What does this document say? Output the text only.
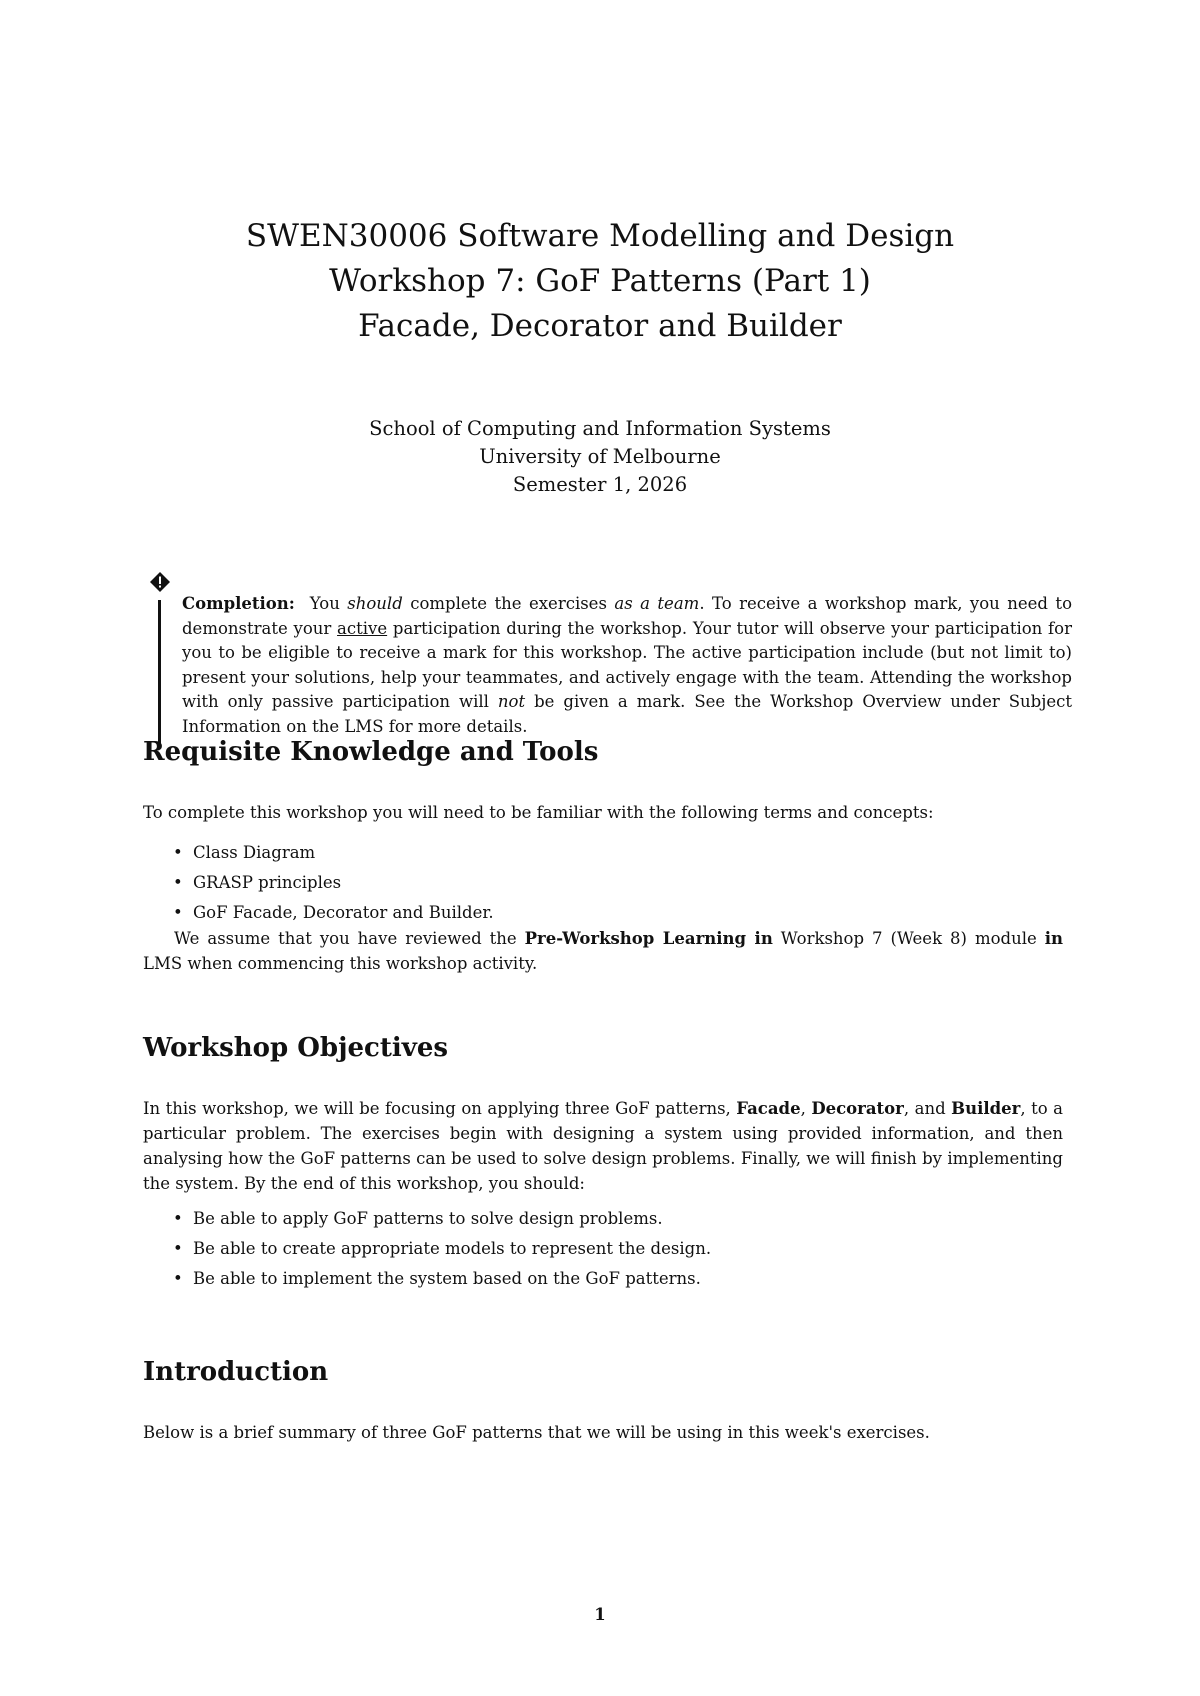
SWEN30006 Software Modelling and Design

Workshop 7: GoF Patterns (Part 1)

Facade, Decorator and Builder

School of Computing and Information Systems

University of Melbourne

Semester 1, 2026

Completion: You should complete the exercises as a team. To receive a workshop mark, you need to demonstrate your active participation during the workshop. Your tutor will observe your participation for you to be eligible to receive a mark for this workshop. The active participation include (but not limit to) present your solutions, help your teammates, and actively engage with the team. Attending the workshop with only passive participation will not be given a mark. See the Workshop Overview under Subject Information on the LMS for more details.
Requisite Knowledge and Tools

To complete this workshop you will need to be familiar with the following terms and concepts:

• Class Diagram
• GRASP principles
• GoF Facade, Decorator and Builder.

We assume that you have reviewed the Pre-Workshop Learning in Workshop 7 (Week 8) module in LMS when commencing this workshop activity.

Workshop Objectives

In this workshop, we will be focusing on applying three GoF patterns, Facade, Decorator, and Builder, to a particular problem. The exercises begin with designing a system using provided information, and then analysing how the GoF patterns can be used to solve design problems. Finally, we will finish by implementing the system. By the end of this workshop, you should:

• Be able to apply GoF patterns to solve design problems.
• Be able to create appropriate models to represent the design.
• Be able to implement the system based on the GoF patterns.
Introduction

Below is a brief summary of three GoF patterns that we will be using in this week's exercises.

1
